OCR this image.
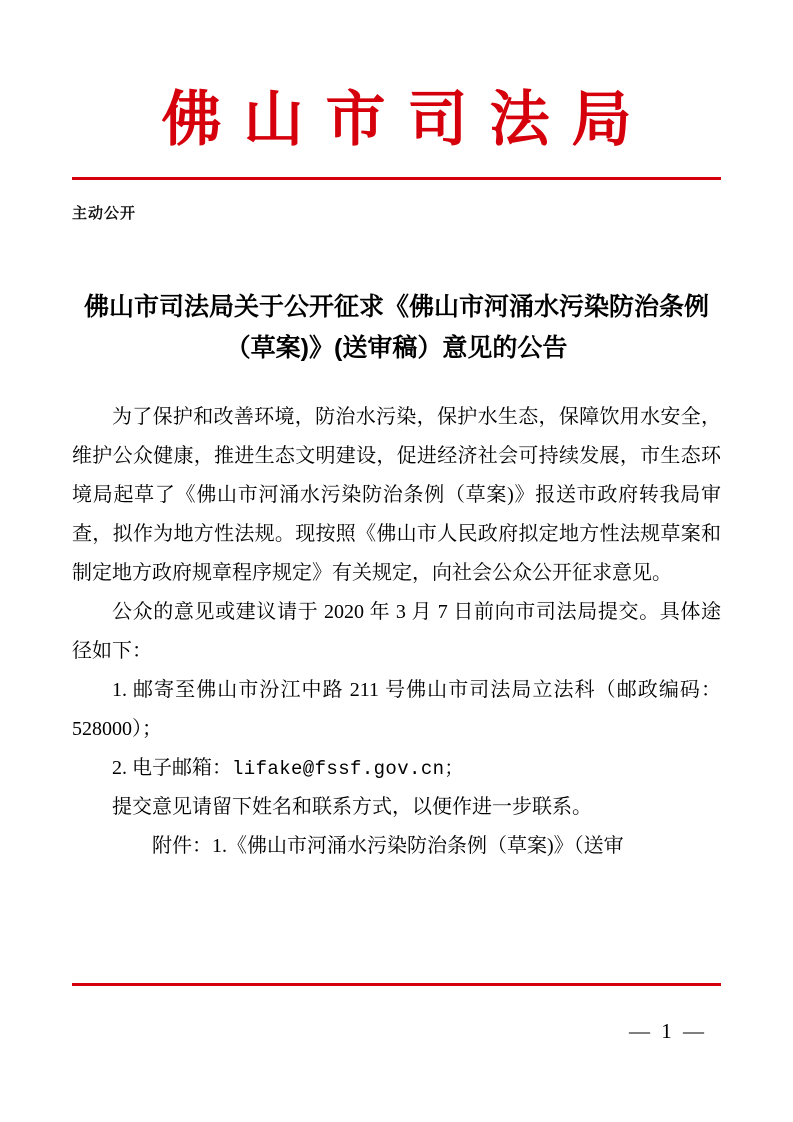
佛山市司法局
主动公开
佛山市司法局关于公开征求《佛山市河涌水污染防治条例（草案)》(送审稿）意见的公告

为了保护和改善环境，防治水污染，保护水生态，保障饮用水安全，维护公众健康，推进生态文明建设，促进经济社会可持续发展，市生态环境局起草了《佛山市河涌水污染防治条例（草案)》报送市政府转我局审查，拟作为地方性法规。现按照《佛山市人民政府拟定地方性法规草案和制定地方政府规章程序规定》有关规定，向社会公众公开征求意见。

公众的意见或建议请于 2020 年 3 月 7 日前向市司法局提交。具体途径如下：

1. 邮寄至佛山市汾江中路 211 号佛山市司法局立法科（邮政编码：528000）；

2. 电子邮箱：lifake@fssf.gov.cn；

提交意见请留下姓名和联系方式，以便作进一步联系。

附件：1.《佛山市河涌水污染防治条例（草案)》（送审

— 1 —
